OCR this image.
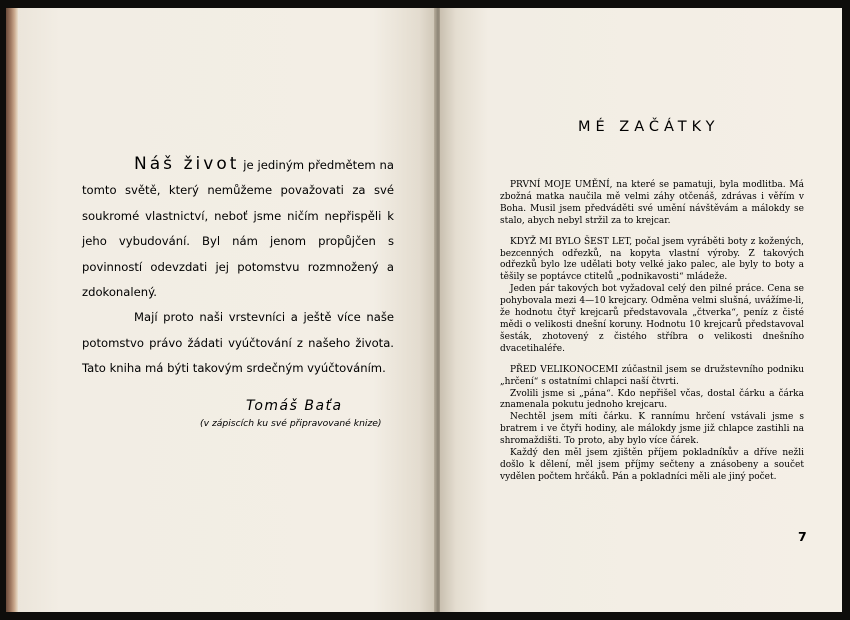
Náš život je jediným předmětem na tomto světě, který nemůžeme považovati za své soukromé vlastnictví, neboť jsme ničím nepřispěli k jeho vybudování. Byl nám jenom propůjčen s povinností odevzdati jej potomstvu rozmnožený a zdokonalený.

Mají proto naši vrstevníci a ještě více naše potomstvo právo žádati vyúčtování z našeho života. Tato kniha má býti takovým srdečným vyúčtováním.

Tomáš Baťa
(v zápiscích ku své připravované knize)
MÉ ZAČÁTKY

PRVNÍ MOJE UMĚNÍ, na které se pamatuji, byla modlitba. Má zbožná matka naučila mě velmi záhy otčenáš, zdrávas i věřím v Boha. Musil jsem předváděti své umění návštěvám a málokdy se stalo, abych nebyl stržil za to krejcar.

KDYŽ MI BYLO ŠEST LET, počal jsem vyráběti boty z kožených, bezcenných odřezků, na kopyta vlastní výroby. Z takových odřezků bylo lze udělati boty velké jako palec, ale byly to boty a těšily se poptávce ctitelů „podnikavosti“ mládeže.

Jeden pár takových bot vyžadoval celý den pilné práce. Cena se pohybovala mezi 4—10 krejcary. Odměna velmi slušná, uvážíme-li, že hodnotu čtyř krejcarů představovala „čtverka“, peníz z čisté mědi o velikosti dnešní koruny. Hodnotu 10 krejcarů představoval šesták, zhotovený z čistého stříbra o velikosti dnešního dvacetihaléře.

PŘED VELIKONOCEMI zúčastnil jsem se družstevního podniku „hrčení“ s ostatními chlapci naší čtvrti.

Zvolili jsme si „pána“. Kdo nepřišel včas, dostal čárku a čárka znamenala pokutu jednoho krejcaru.

Nechtěl jsem míti čárku. K rannímu hrčení vstávali jsme s bratrem i ve čtyři hodiny, ale málokdy jsme již chlapce zastihli na shromaždišti. To proto, aby bylo více čárek.

Každý den měl jsem zjištěn příjem pokladníkův a dříve nežli došlo k dělení, měl jsem příjmy sečteny a znásobeny a součet vydělen počtem hrčáků. Pán a pokladníci měli ale jiný počet.

7
